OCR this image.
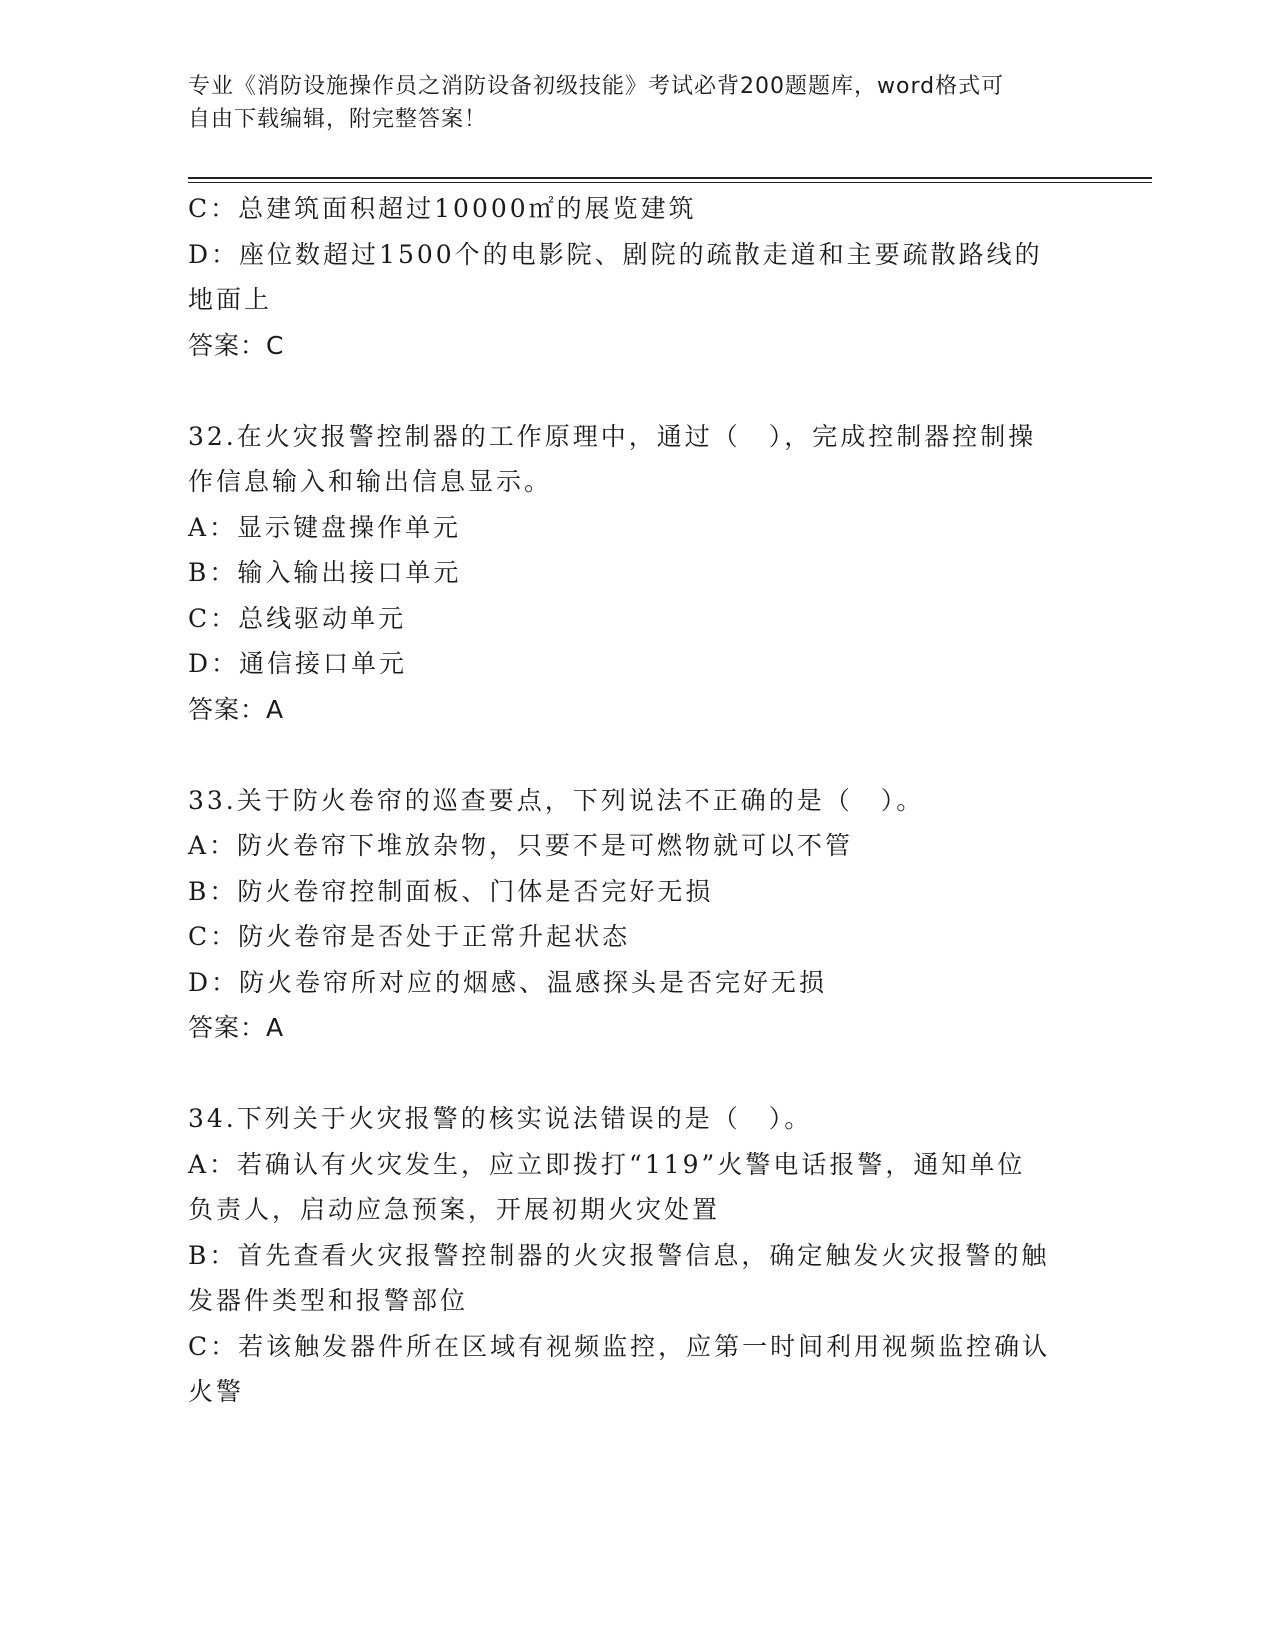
专业《消防设施操作员之消防设备初级技能》考试必背200题题库，word格式可
自由下载编辑，附完整答案！
C：总建筑面积超过10000㎡的展览建筑
D：座位数超过1500个的电影院、剧院的疏散走道和主要疏散路线的
地面上
答案：C
32.在火灾报警控制器的工作原理中，通过（　），完成控制器控制操
作信息输入和输出信息显示。
A：显示键盘操作单元
B：输入输出接口单元
C：总线驱动单元
D：通信接口单元
答案：A
33.关于防火卷帘的巡查要点，下列说法不正确的是（　）。
A：防火卷帘下堆放杂物，只要不是可燃物就可以不管
B：防火卷帘控制面板、门体是否完好无损
C：防火卷帘是否处于正常升起状态
D：防火卷帘所对应的烟感、温感探头是否完好无损
答案：A
34.下列关于火灾报警的核实说法错误的是（　）。
A：若确认有火灾发生，应立即拨打“119”火警电话报警，通知单位
负责人，启动应急预案，开展初期火灾处置
B：首先查看火灾报警控制器的火灾报警信息，确定触发火灾报警的触
发器件类型和报警部位
C：若该触发器件所在区域有视频监控，应第一时间利用视频监控确认
火警
